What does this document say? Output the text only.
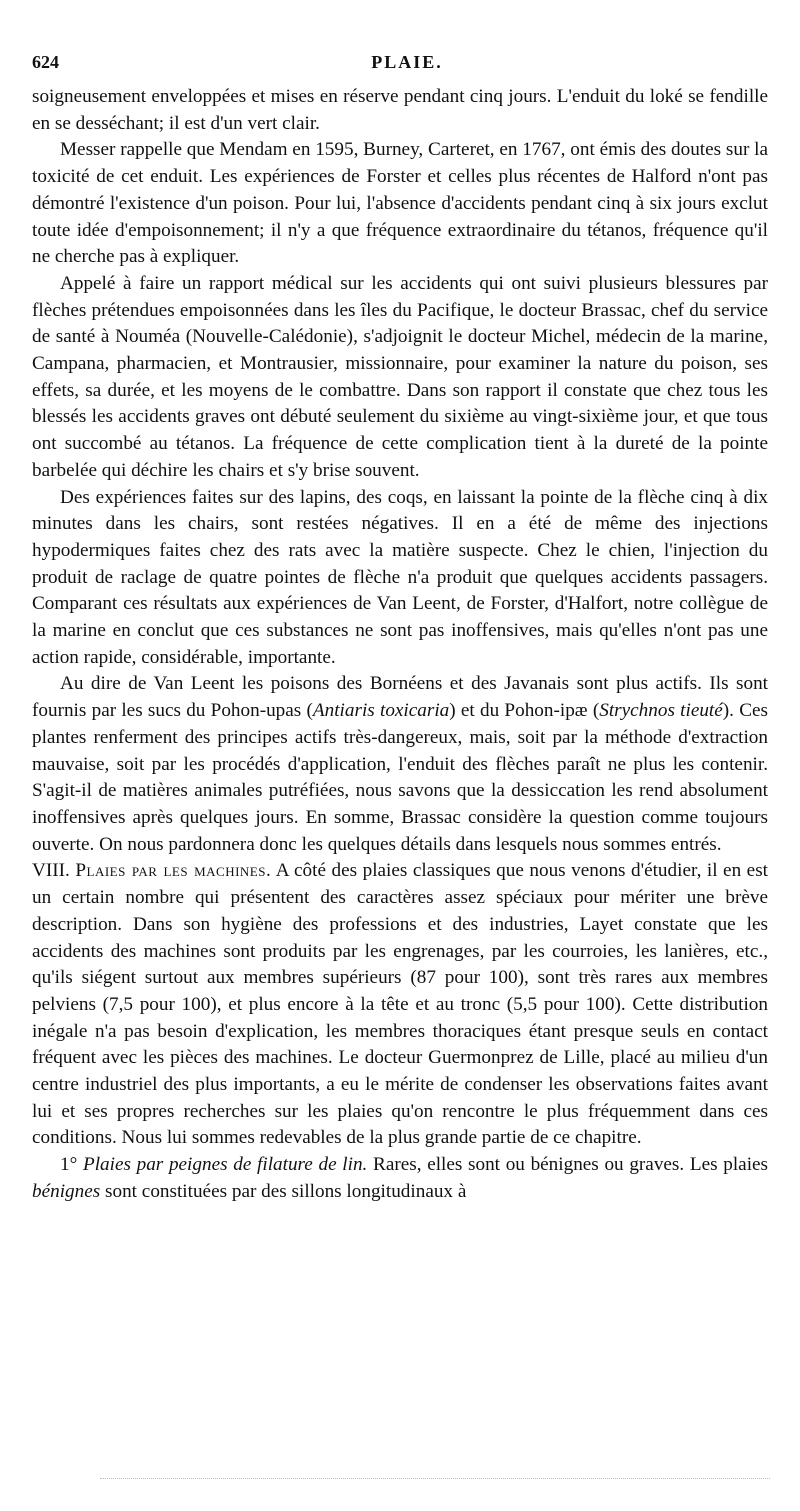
624	PLAIE.

soigneusement enveloppées et mises en réserve pendant cinq jours. L'enduit du loké se fendille en se desséchant; il est d'un vert clair.

Messer rappelle que Mendam en 1595, Burney, Carteret, en 1767, ont émis des doutes sur la toxicité de cet enduit. Les expériences de Forster et celles plus récentes de Halford n'ont pas démontré l'existence d'un poison. Pour lui, l'absence d'accidents pendant cinq à six jours exclut toute idée d'empoisonnement; il n'y a que fréquence extraordinaire du tétanos, fréquence qu'il ne cherche pas à expliquer.

Appelé à faire un rapport médical sur les accidents qui ont suivi plusieurs blessures par flèches prétendues empoisonnées dans les îles du Pacifique, le docteur Brassac, chef du service de santé à Nouméa (Nouvelle-Calédonie), s'adjoignit le docteur Michel, médecin de la marine, Campana, pharmacien, et Montrausier, missionnaire, pour examiner la nature du poison, ses effets, sa durée, et les moyens de le combattre. Dans son rapport il constate que chez tous les blessés les accidents graves ont débuté seulement du sixième au vingt-sixième jour, et que tous ont succombé au tétanos. La fréquence de cette complication tient à la dureté de la pointe barbelée qui déchire les chairs et s'y brise souvent.

Des expériences faites sur des lapins, des coqs, en laissant la pointe de la flèche cinq à dix minutes dans les chairs, sont restées négatives. Il en a été de même des injections hypodermiques faites chez des rats avec la matière suspecte. Chez le chien, l'injection du produit de raclage de quatre pointes de flèche n'a produit que quelques accidents passagers. Comparant ces résultats aux expériences de Van Leent, de Forster, d'Halfort, notre collègue de la marine en conclut que ces substances ne sont pas inoffensives, mais qu'elles n'ont pas une action rapide, considérable, importante.

Au dire de Van Leent les poisons des Bornéens et des Javanais sont plus actifs. Ils sont fournis par les sucs du Pohon-upas (Antiaris toxicaria) et du Pohon-ipæ (Strychnos tieuté). Ces plantes renferment des principes actifs très-dangereux, mais, soit par la méthode d'extraction mauvaise, soit par les procédés d'application, l'enduit des flèches paraît ne plus les contenir. S'agit-il de matières animales putréfiées, nous savons que la dessiccation les rend absolument inoffensives après quelques jours. En somme, Brassac considère la question comme toujours ouverte. On nous pardonnera donc les quelques détails dans lesquels nous sommes entrés.

VIII. Plaies par les machines. A côté des plaies classiques que nous venons d'étudier, il en est un certain nombre qui présentent des caractères assez spéciaux pour mériter une brève description. Dans son hygiène des professions et des industries, Layet constate que les accidents des machines sont produits par les engrenages, par les courroies, les lanières, etc., qu'ils siégent surtout aux membres supérieurs (87 pour 100), sont très rares aux membres pelviens (7,5 pour 100), et plus encore à la tête et au tronc (5,5 pour 100). Cette distribution inégale n'a pas besoin d'explication, les membres thoraciques étant presque seuls en contact fréquent avec les pièces des machines. Le docteur Guermonprez de Lille, placé au milieu d'un centre industriel des plus importants, a eu le mérite de condenser les observations faites avant lui et ses propres recherches sur les plaies qu'on rencontre le plus fréquemment dans ces conditions. Nous lui sommes redevables de la plus grande partie de ce chapitre.

1° Plaies par peignes de filature de lin. Rares, elles sont ou bénignes ou graves. Les plaies bénignes sont constituées par des sillons longitudinaux à
